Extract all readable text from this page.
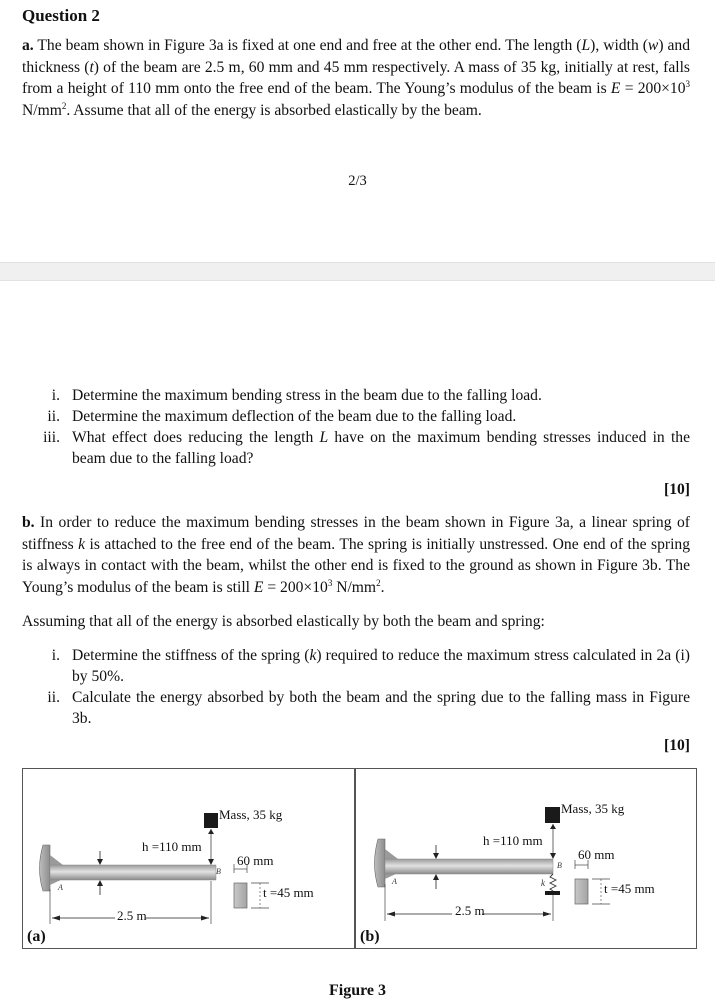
Question 2
a. The beam shown in Figure 3a is fixed at one end and free at the other end. The length (L), width (w) and thickness (t) of the beam are 2.5 m, 60 mm and 45 mm respectively. A mass of 35 kg, initially at rest, falls from a height of 110 mm onto the free end of the beam. The Young’s modulus of the beam is $E = 200\times 10^3$ $N/mm^2$. Assume that all of the energy is absorbed elastically by the beam.
2/3
i. Determine the maximum bending stress in the beam due to the falling load.
ii. Determine the maximum deflection of the beam due to the falling load.
iii. What effect does reducing the length L have on the maximum bending stresses induced in the beam due to the falling load?
[10]
b. In order to reduce the maximum bending stresses in the beam shown in Figure 3a, a linear spring of stiffness k is attached to the free end of the beam. The spring is initially unstressed. One end of the spring is always in contact with the beam, whilst the other end is fixed to the ground as shown in Figure 3b. The Young’s modulus of the beam is still $E = 200\times 10^3$ $N/mm^2$.
Assuming that all of the energy is absorbed elastically by both the beam and spring:
i. Determine the stiffness of the spring (k) required to reduce the maximum stress calculated in 2a (i) by 50%.
ii. Calculate the energy absorbed by both the beam and the spring due to the falling mass in Figure 3b.
[10]
Mass, 35 kg
h =110 mm
2.5 m
60 mm
t =45 mm
A
B
(a)
Mass, 35 kg
h =110 mm
2.5 m
60 mm
t =45 mm
A
B
k
(b)
Figure 3
